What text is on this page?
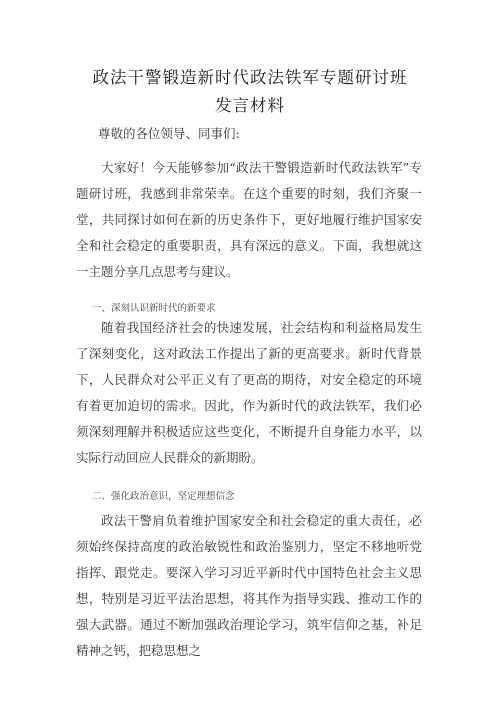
政法干警锻造新时代政法铁军专题研讨班
发言材料
尊敬的各位领导、同事们:
大家好！今天能够参加“政法干警锻造新时代政法铁军”专题研讨班，我感到非常荣幸。在这个重要的时刻，我们齐聚一堂，共同探讨如何在新的历史条件下，更好地履行维护国家安全和社会稳定的重要职责，具有深远的意义。下面，我想就这一主题分享几点思考与建议。
一、深刻认识新时代的新要求
随着我国经济社会的快速发展，社会结构和利益格局发生了深刻变化，这对政法工作提出了新的更高要求。新时代背景下，人民群众对公平正义有了更高的期待，对安全稳定的环境有着更加迫切的需求。因此，作为新时代的政法铁军，我们必须深刻理解并积极适应这些变化，不断提升自身能力水平，以实际行动回应人民群众的新期盼。
二、强化政治意识，坚定理想信念
政法干警肩负着维护国家安全和社会稳定的重大责任，必须始终保持高度的政治敏锐性和政治鉴别力，坚定不移地听党指挥、跟党走。要深入学习习近平新时代中国特色社会主义思想，特别是习近平法治思想，将其作为指导实践、推动工作的强大武器。通过不断加强政治理论学习，筑牢信仰之基，补足精神之钙，把稳思想之
